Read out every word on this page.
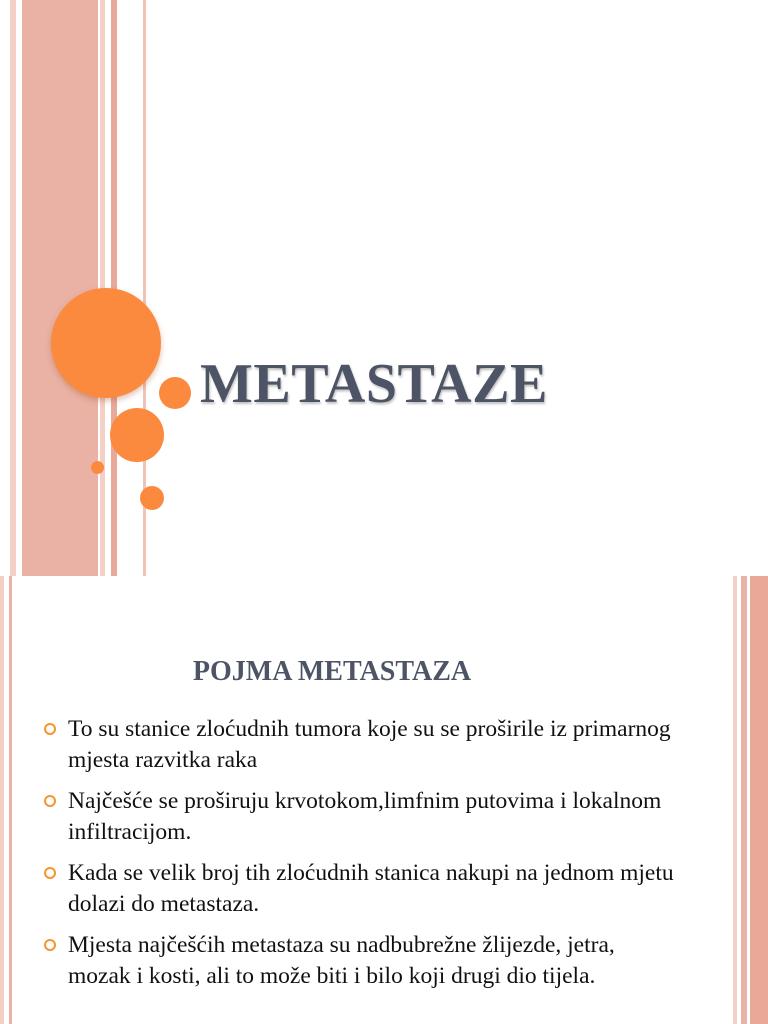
METASTAZE
POJMA METASTAZA
To su stanice zloćudnih tumora koje su se proširile iz primarnog mjesta razvitka raka
Najčešće se proširuju krvotokom,limfnim putovima i lokalnom infiltracijom.
Kada se velik broj tih zloćudnih stanica nakupi na jednom mjetu dolazi do metastaza.
Mjesta najčešćih metastaza su nadbubrežne žlijezde, jetra, mozak i kosti, ali to može biti i bilo koji drugi dio tijela.
